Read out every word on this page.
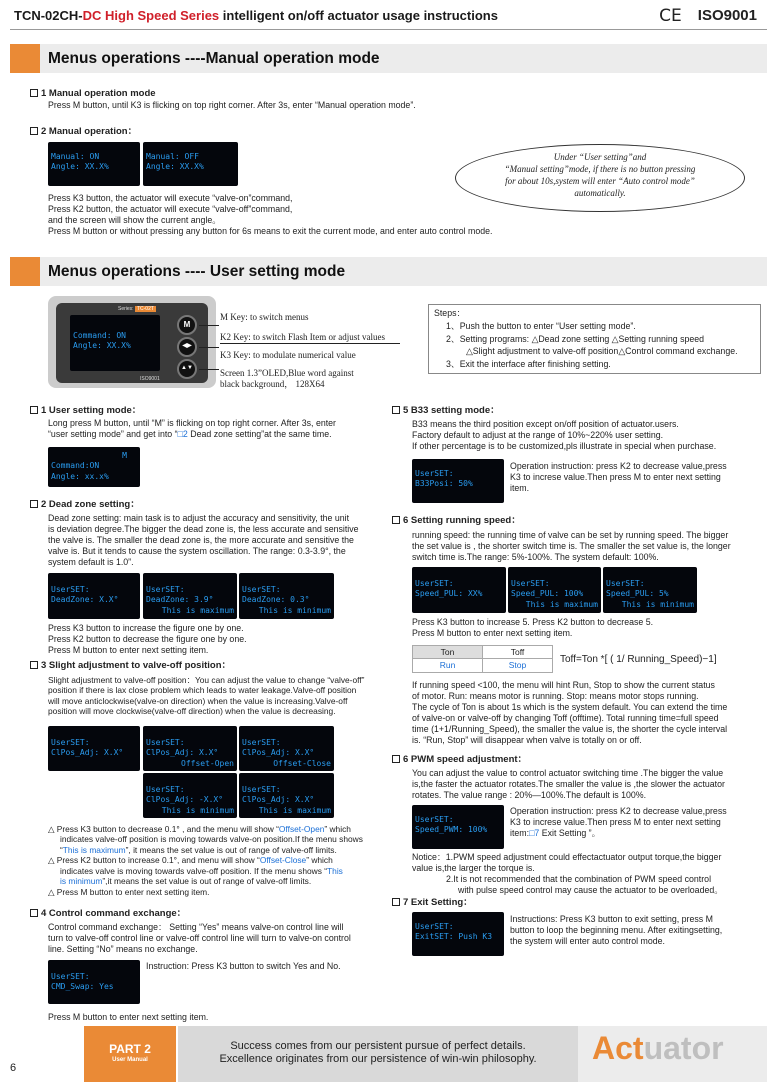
TCN-02CH-DC High Speed Series intelligent on/off actuator usage instructions	CE ISO9001
Menus operations ----Manual operation mode
1 Manual operation mode
Press M button, until K3 is flicking on top right corner. After 3s, enter “Manual operation mode”.
2 Manual operation：
Manual: ON
Angle: XX.X%
Manual: OFF
Angle: XX.X%
Under “User setting”and
“Manual setting”mode, if there is no button pressing
for about 10s,system will enter “Auto control mode”
automatically.
Press K3 button, the actuator will execute “valve-on”command,
Press K2 button, the actuator will execute “valve-off”command,
and the screen will show the current angle。
Press M button or without pressing any button for 6s means to exit the current mode, and enter auto control mode.
Menus operations ---- User setting mode
Series: TC-02T
Command: ON
Angle: XX.X%
M
◀▶
▲▼
ISO9001
M Key: to switch menus
K2 Key: to switch Flash Item or adjust values
K3 Key: to modulate numerical value
Screen 1.3”OLED,Blue word against
black background， 128X64
Steps：
1、Push the button to enter “User setting mode”.
2、Setting programs: △Dead zone setting △Setting running speed
△Slight adjustment to valve-off position△Control command exchange.
3、Exit the interface after finishing setting.
1 User setting mode：
Long press M button, until “M” is flicking on top right corner. After 3s, enter
“user setting mode” and get into “□2 Dead zone setting”at the same time.
M
Command:ON
Angle: xx.x%
2 Dead zone setting：
Dead zone setting: main task is to adjust the accuracy and sensitivity, the unit
is deviation degree.The bigger the dead zone is, the less accurate and sensitive
the valve is. The smaller the dead zone is, the more accurate and sensitive the
valve is. But it tends to cause the system oscillation. The range: 0.3-3.9°, the
system default is 1.0”.
UserSET:
DeadZone: X.X°
UserSET:
DeadZone: 3.9°
This is maximum
UserSET:
DeadZone: 0.3°
This is minimum
Press K3 button to increase the figure one by one.
Press K2 button to decrease the figure one by one.
Press M button to enter next setting item.
3 Slight adjustment to valve-off position：
Slight adjustment to valve-off position：You can adjust the value to change “valve-off”
position if there is lax close problem which leads to water leakage.Valve-off position
will move anticlockwise(valve-on direction) when the value is increasing.Valve-off
position will move clockwise(valve-off direction) when the value is decreasing.
UserSET:
ClPos_Adj: X.X°
UserSET:
ClPos_Adj: X.X°
Offset-Open
UserSET:
ClPos_Adj: X.X°
Offset-Close
UserSET:
ClPos_Adj: -X.X°
This is minimum
UserSET:
ClPos_Adj: X.X°
This is maximum
△ Press K3 button to decrease 0.1° , and the menu will show “Offset-Open” which
indicates valve-off position is moving towards valve-on position.If the menu shows
“This is maximum”, it means the set value is out of range of valve-off limits.
△ Press K2 button to increase 0.1°, and menu will show “Offset-Close” which
indicates valve is moving towards valve-off position. If the menu shows “This
is minimum”,it means the set value is out of range of valve-off limits.
△ Press M button to enter next setting item.
4 Control command exchange：
Control command exchange： Setting “Yes” means valve-on control line will
turn to valve-off control line or valve-off control line will turn to valve-on control
line. Setting “No” means no exchange.
UserSET:
CMD_Swap: Yes
Instruction: Press K3 button to switch Yes and No.
Press M button to enter next setting item.
5 B33 setting mode：
B33 means the third position except on/off position of actuator.users.
Factory default to adjust at the range of 10%~220% user setting.
If other percentage is to be customized,pls illustrate in special when purchase.
UserSET:
B33Posi: 50%
Operation instruction: press K2 to decrease value,press
K3 to increse value.Then press M to enter next setting
item.
6 Setting running speed：
running speed: the running time of valve can be set by running speed. The bigger
the set value is , the shorter switch time is. The smaller the set value is, the longer
switch time is.The range: 5%-100%. The system default: 100%.
UserSET:
Speed_PUL: XX%
UserSET:
Speed_PUL: 100%
This is maximum
UserSET:
Speed_PUL: 5%
This is minimum
Press K3 button to increase 5. Press K2 button to decrease 5.
Press M button to enter next setting item.
Ton	Toff
Run	Stop
Toff=Ton *[ ( 1/ Running_Speed)−1]
If running speed <100, the menu will hint Run, Stop to show the current status
of motor. Run: means motor is running. Stop: means motor stops running.
The cycle of Ton is about 1s which is the system default. You can extend the time
of valve-on or valve-off by changing Toff (offtime). Total running time=full speed
time (1+1/Running_Speed), the smaller the value is, the shorter the cycle interval
is. “Run, Stop” will disappear when valve is totally on or off.
6 PWM speed adjustment：
You can adjust the value to control actuator switching time .The bigger the value
is,the faster the actuator rotates.The smaller the value is ,the slower the actuator
rotates. The value range : 20%—100%.The default is 100%.
UserSET:
Speed_PWM: 100%
Operation instruction: press K2 to decrease value,press
K3 to increse value.Then press M to enter next setting
item:□7 Exit Setting ”。
Notice：1.PWM speed adjustment could effectactuator output torque,the bigger
value is,the larger the torque is.
2.It is not recommended that the combination of PWM speed control
with pulse speed control may cause the actuator to be overloaded。
7 Exit Setting：
UserSET:
ExitSET: Push K3
Instructions: Press K3 button to exit setting, press M
button to loop the beginning menu. After exitingsetting,
the system will enter auto control mode.
6
PART 2
User Manual
Success comes from our persistent pursue of perfect details.
Excellence originates from our persistence of win-win philosophy.	Actuator
